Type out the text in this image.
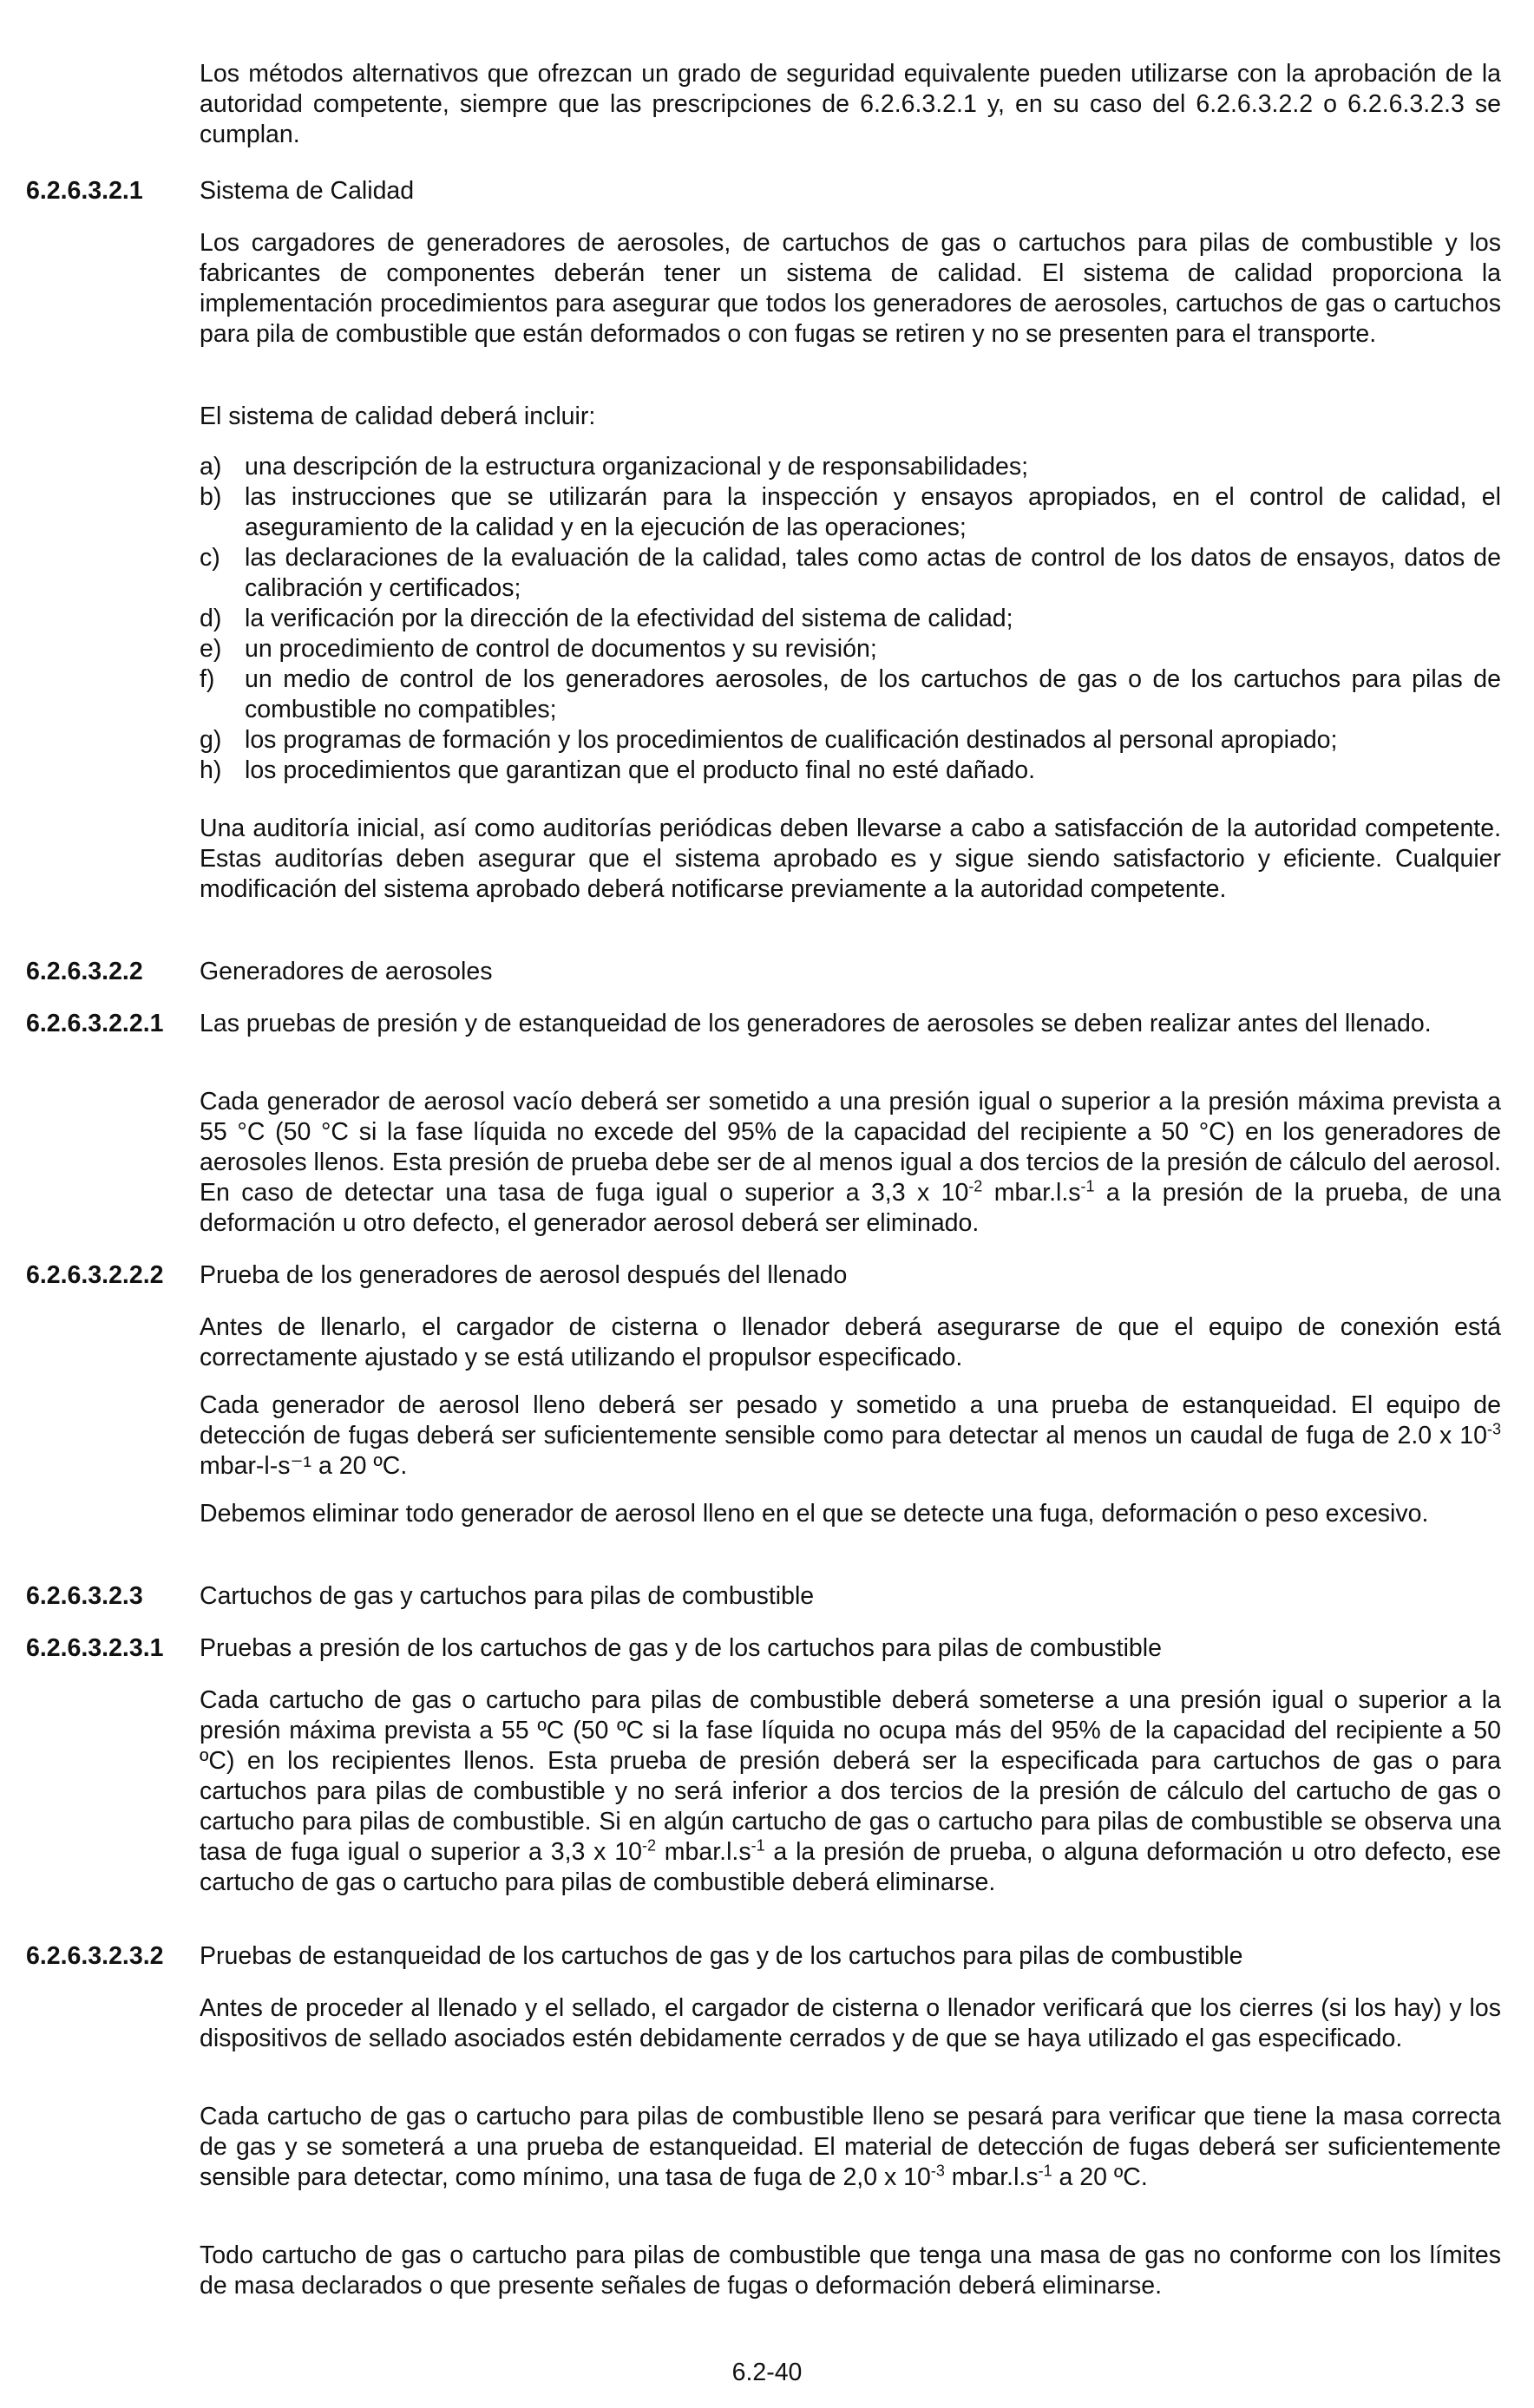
Los métodos alternativos que ofrezcan un grado de seguridad equivalente pueden utilizarse con la aprobación de la autoridad competente, siempre que las prescripciones de 6.2.6.3.2.1 y, en su caso del 6.2.6.3.2.2 o 6.2.6.3.2.3 se cumplan.

6.2.6.3.2.1 Sistema de Calidad

Los cargadores de generadores de aerosoles, de cartuchos de gas o cartuchos para pilas de combustible y los fabricantes de componentes deberán tener un sistema de calidad. El sistema de calidad proporciona la implementación procedimientos para asegurar que todos los generadores de aerosoles, cartuchos de gas o cartuchos para pila de combustible que están deformados o con fugas se retiren y no se presenten para el transporte.

El sistema de calidad deberá incluir:

a) una descripción de la estructura organizacional y de responsabilidades;
b) las instrucciones que se utilizarán para la inspección y ensayos apropiados, en el control de calidad, el aseguramiento de la calidad y en la ejecución de las operaciones;
c) las declaraciones de la evaluación de la calidad, tales como actas de control de los datos de ensayos, datos de calibración y certificados;
d) la verificación por la dirección de la efectividad del sistema de calidad;
e) un procedimiento de control de documentos y su revisión;
f) un medio de control de los generadores aerosoles, de los cartuchos de gas o de los cartuchos para pilas de combustible no compatibles;
g) los programas de formación y los procedimientos de cualificación destinados al personal apropiado;
h) los procedimientos que garantizan que el producto final no esté dañado.

Una auditoría inicial, así como auditorías periódicas deben llevarse a cabo a satisfacción de la autoridad competente. Estas auditorías deben asegurar que el sistema aprobado es y sigue siendo satisfactorio y eficiente. Cualquier modificación del sistema aprobado deberá notificarse previamente a la autoridad competente.

6.2.6.3.2.2 Generadores de aerosoles
6.2.6.3.2.2.1 Las pruebas de presión y de estanqueidad de los generadores de aerosoles se deben realizar antes del llenado.

Cada generador de aerosol vacío deberá ser sometido a una presión igual o superior a la presión máxima prevista a 55 °C (50 °C si la fase líquida no excede del 95% de la capacidad del recipiente a 50 °C) en los generadores de aerosoles llenos. Esta presión de prueba debe ser de al menos igual a dos tercios de la presión de cálculo del aerosol. En caso de detectar una tasa de fuga igual o superior a 3,3 x $10^{-2}$ $mbar.l.s^{-1}$ a la presión de la prueba, de una deformación u otro defecto, el generador aerosol deberá ser eliminado.

6.2.6.3.2.2.2 Prueba de los generadores de aerosol después del llenado

Antes de llenarlo, el cargador de cisterna o llenador deberá asegurarse de que el equipo de conexión está correctamente ajustado y se está utilizando el propulsor especificado.

Cada generador de aerosol lleno deberá ser pesado y sometido a una prueba de estanqueidad. El equipo de detección de fugas deberá ser suficientemente sensible como para detectar al menos un caudal de fuga de 2.0 x $10^{-3}$ mbar-l-s⁻¹ a 20 ºC.

Debemos eliminar todo generador de aerosol lleno en el que se detecte una fuga, deformación o peso excesivo.

6.2.6.3.2.3 Cartuchos de gas y cartuchos para pilas de combustible
6.2.6.3.2.3.1 Pruebas a presión de los cartuchos de gas y de los cartuchos para pilas de combustible

Cada cartucho de gas o cartucho para pilas de combustible deberá someterse a una presión igual o superior a la presión máxima prevista a 55 ºC (50 ºC si la fase líquida no ocupa más del 95% de la capacidad del recipiente a 50 ºC) en los recipientes llenos. Esta prueba de presión deberá ser la especificada para cartuchos de gas o para cartuchos para pilas de combustible y no será inferior a dos tercios de la presión de cálculo del cartucho de gas o cartucho para pilas de combustible. Si en algún cartucho de gas o cartucho para pilas de combustible se observa una tasa de fuga igual o superior a 3,3 x $10^{-2}$ $mbar.l.s^{-1}$ a la presión de prueba, o alguna deformación u otro defecto, ese cartucho de gas o cartucho para pilas de combustible deberá eliminarse.

6.2.6.3.2.3.2 Pruebas de estanqueidad de los cartuchos de gas y de los cartuchos para pilas de combustible

Antes de proceder al llenado y el sellado, el cargador de cisterna o llenador verificará que los cierres (si los hay) y los dispositivos de sellado asociados estén debidamente cerrados y de que se haya utilizado el gas especificado.

Cada cartucho de gas o cartucho para pilas de combustible lleno se pesará para verificar que tiene la masa correcta de gas y se someterá a una prueba de estanqueidad. El material de detección de fugas deberá ser suficientemente sensible para detectar, como mínimo, una tasa de fuga de 2,0 x $10^{-3}$ $mbar.l.s^{-1}$ a 20 ºC.

Todo cartucho de gas o cartucho para pilas de combustible que tenga una masa de gas no conforme con los límites de masa declarados o que presente señales de fugas o deformación deberá eliminarse.

6.2-40
